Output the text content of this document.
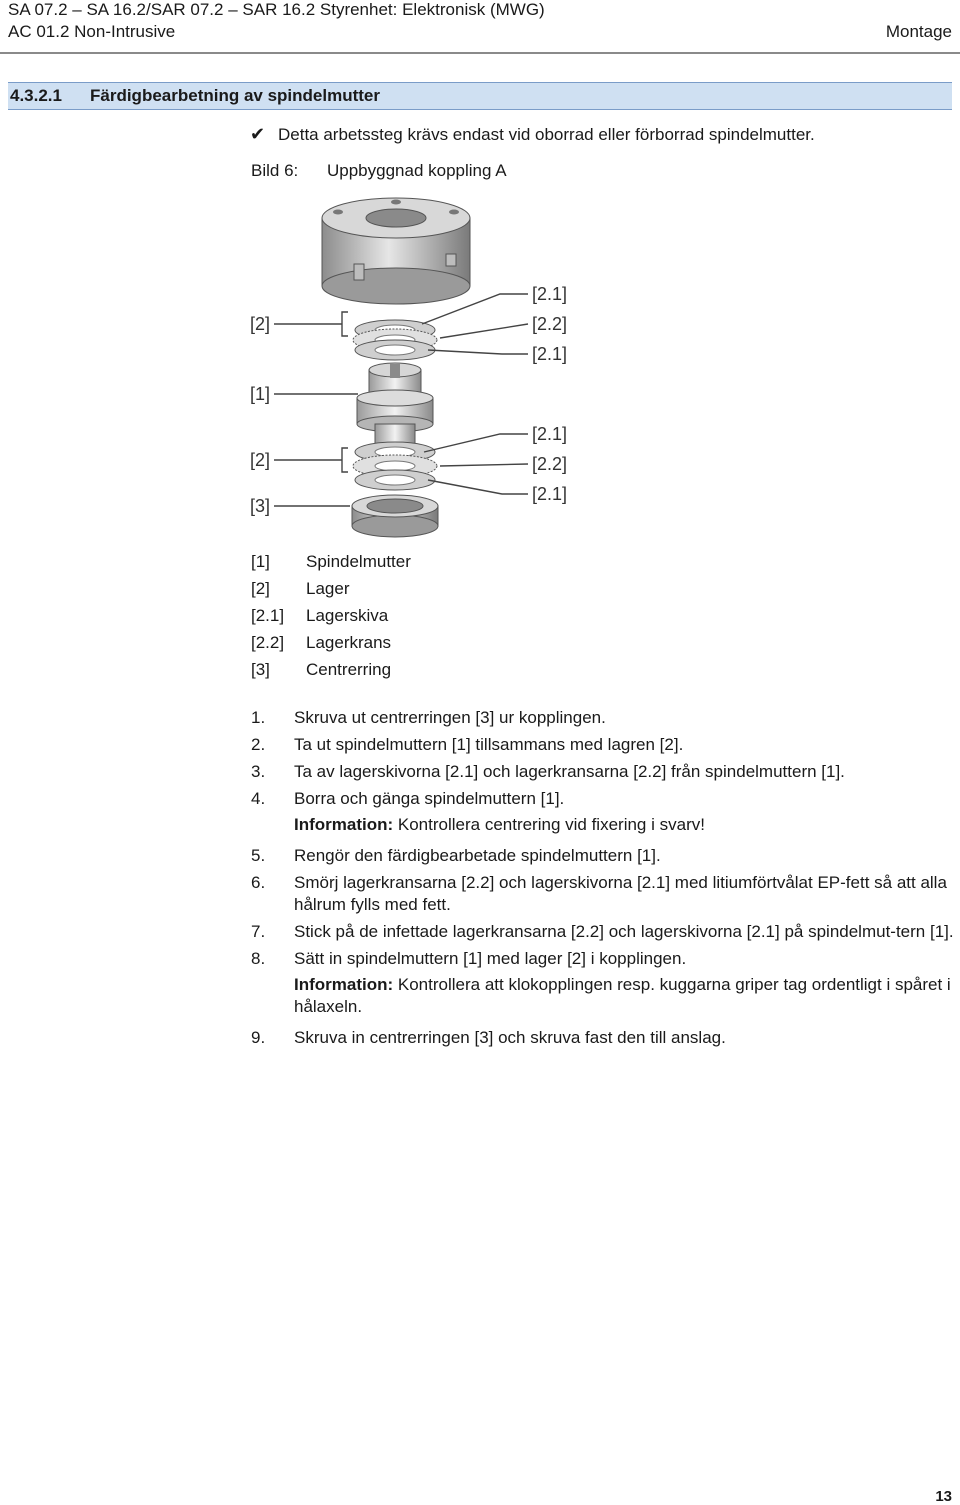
SA 07.2 – SA 16.2/SAR 07.2 – SAR 16.2 Styrenhet: Elektronisk (MWG)
AC 01.2 Non-Intrusive	Montage
4.3.2.1 Färdigbearbetning av spindelmutter
✔ Detta arbetssteg krävs endast vid oborrad eller förborrad spindelmutter.
Bild 6: Uppbyggnad koppling A
[2]
[1]
[2]
[3]
[2.1]
[2.2]
[2.1]
[2.1]
[2.2]
[2.1]
[1] Spindelmutter
[2] Lager
[2.1] Lagerskiva
[2.2] Lagerkrans
[3] Centrerring
1. Skruva ut centrerringen [3] ur kopplingen.
2. Ta ut spindelmuttern [1] tillsammans med lagren [2].
3. Ta av lagerskivorna [2.1] och lagerkransarna [2.2] från spindelmuttern [1].
4. Borra och gänga spindelmuttern [1].
Information: Kontrollera centrering vid fixering i svarv!
5. Rengör den färdigbearbetade spindelmuttern [1].
6. Smörj lagerkransarna [2.2] och lagerskivorna [2.1] med litiumförtvålat EP-fett så att alla hålrum fylls med fett.
7. Stick på de infettade lagerkransarna [2.2] och lagerskivorna [2.1] på spindelmut-tern [1].
8. Sätt in spindelmuttern [1] med lager [2] i kopplingen.
Information: Kontrollera att klokopplingen resp. kuggarna griper tag ordentligt i spåret i hålaxeln.
9. Skruva in centrerringen [3] och skruva fast den till anslag.
13
